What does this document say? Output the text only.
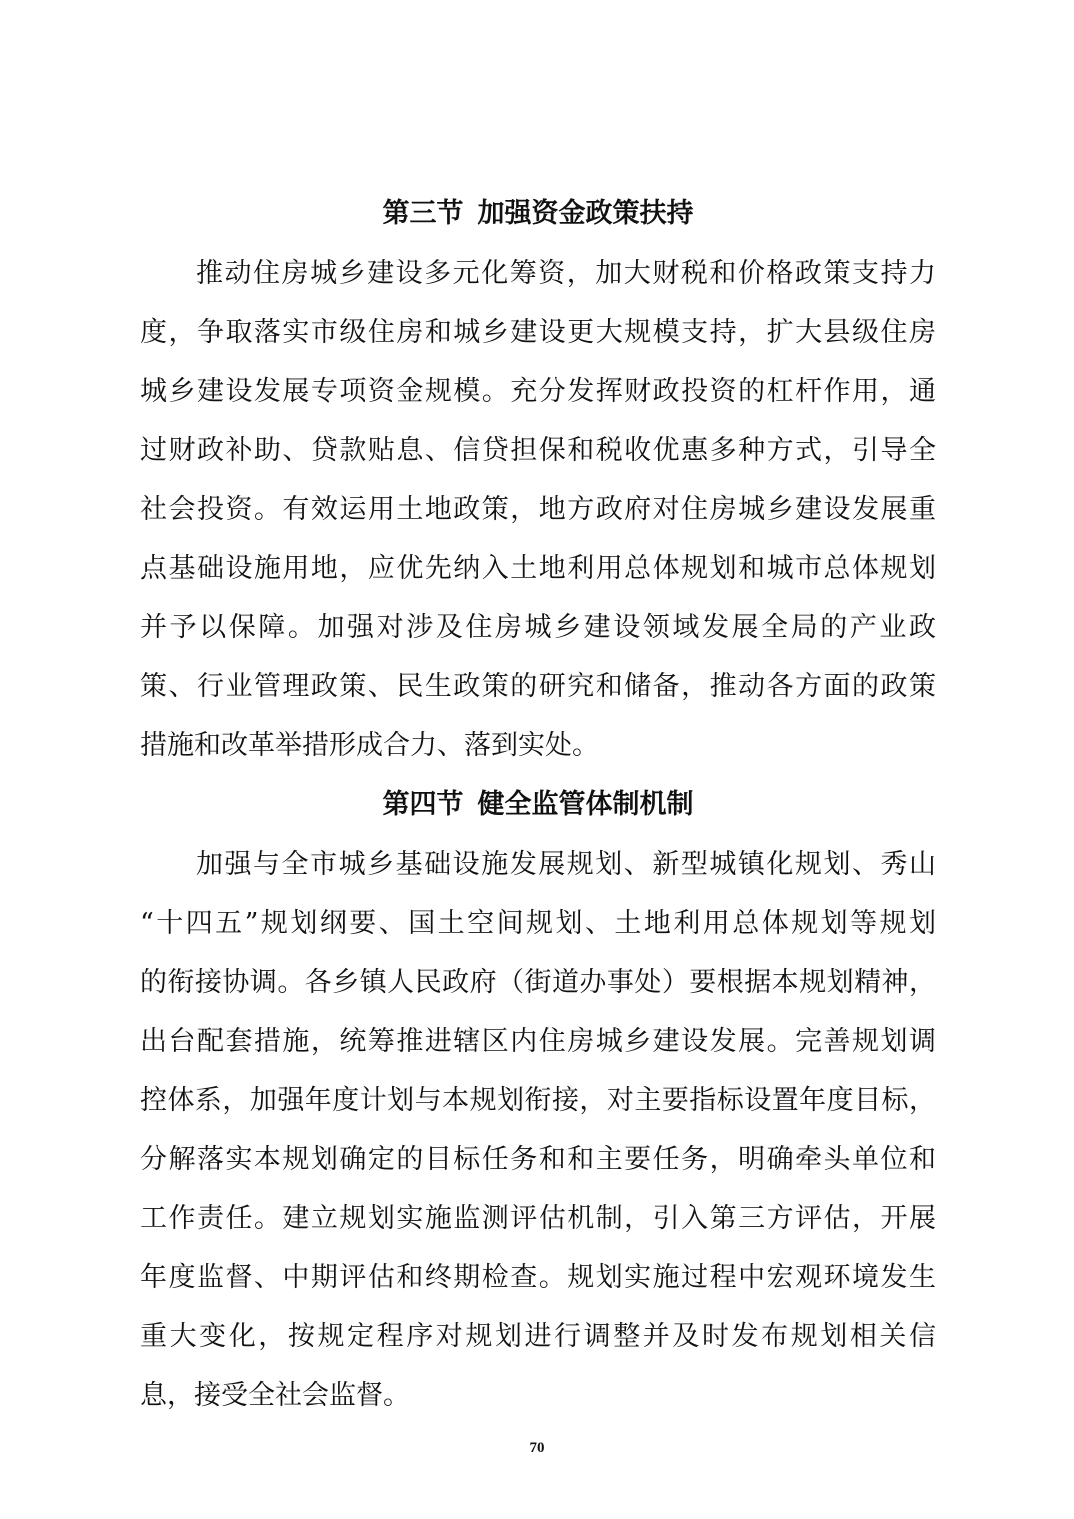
第三节 加强资金政策扶持
推动住房城乡建设多元化筹资，加大财税和价格政策支持力
度，争取落实市级住房和城乡建设更大规模支持，扩大县级住房
城乡建设发展专项资金规模。充分发挥财政投资的杠杆作用，通
过财政补助、贷款贴息、信贷担保和税收优惠多种方式，引导全
社会投资。有效运用土地政策，地方政府对住房城乡建设发展重
点基础设施用地，应优先纳入土地利用总体规划和城市总体规划
并予以保障。加强对涉及住房城乡建设领域发展全局的产业政
策、行业管理政策、民生政策的研究和储备，推动各方面的政策
措施和改革举措形成合力、落到实处。
第四节 健全监管体制机制
加强与全市城乡基础设施发展规划、新型城镇化规划、秀山
“十四五”规划纲要、国土空间规划、土地利用总体规划等规划
的衔接协调。各乡镇人民政府（街道办事处）要根据本规划精神，
出台配套措施，统筹推进辖区内住房城乡建设发展。完善规划调
控体系，加强年度计划与本规划衔接，对主要指标设置年度目标，
分解落实本规划确定的目标任务和和主要任务，明确牵头单位和
工作责任。建立规划实施监测评估机制，引入第三方评估，开展
年度监督、中期评估和终期检查。规划实施过程中宏观环境发生
重大变化，按规定程序对规划进行调整并及时发布规划相关信
息，接受全社会监督。
70
